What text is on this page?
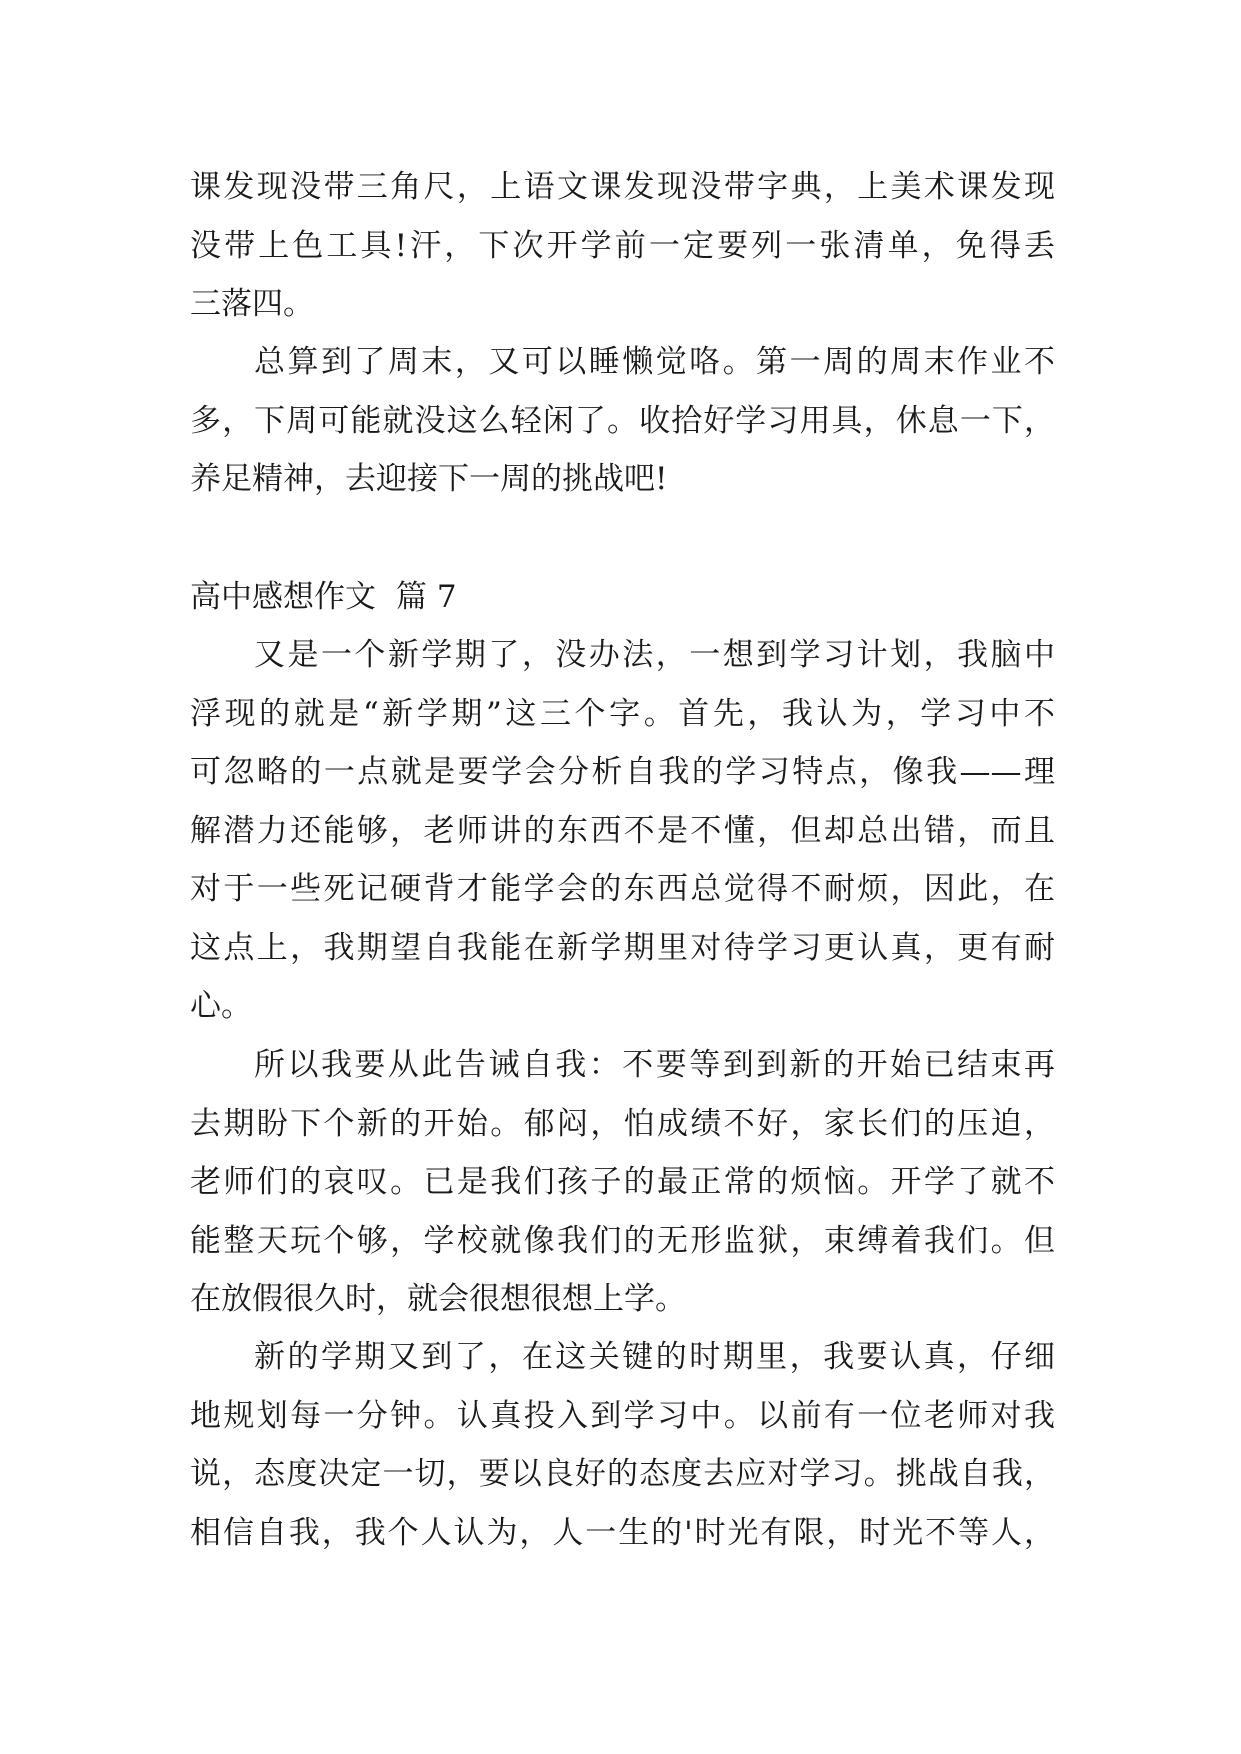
课发现没带三角尺，上语文课发现没带字典，上美术课发现
没带上色工具!汗，下次开学前一定要列一张清单，免得丢
三落四。
总算到了周末，又可以睡懒觉咯。第一周的周末作业不
多，下周可能就没这么轻闲了。收拾好学习用具，休息一下，
养足精神，去迎接下一周的挑战吧!
高中感想作文 篇 7
又是一个新学期了，没办法，一想到学习计划，我脑中
浮现的就是“新学期”这三个字。首先，我认为，学习中不
可忽略的一点就是要学会分析自我的学习特点，像我——理
解潜力还能够，老师讲的东西不是不懂，但却总出错，而且
对于一些死记硬背才能学会的东西总觉得不耐烦，因此，在
这点上，我期望自我能在新学期里对待学习更认真，更有耐
心。
所以我要从此告诫自我：不要等到到新的开始已结束再
去期盼下个新的开始。郁闷，怕成绩不好，家长们的压迫，
老师们的哀叹。已是我们孩子的最正常的烦恼。开学了就不
能整天玩个够，学校就像我们的无形监狱，束缚着我们。但
在放假很久时，就会很想很想上学。
新的学期又到了，在这关键的时期里，我要认真，仔细
地规划每一分钟。认真投入到学习中。以前有一位老师对我
说，态度决定一切，要以良好的态度去应对学习。挑战自我，
相信自我，我个人认为，人一生的'时光有限，时光不等人，
